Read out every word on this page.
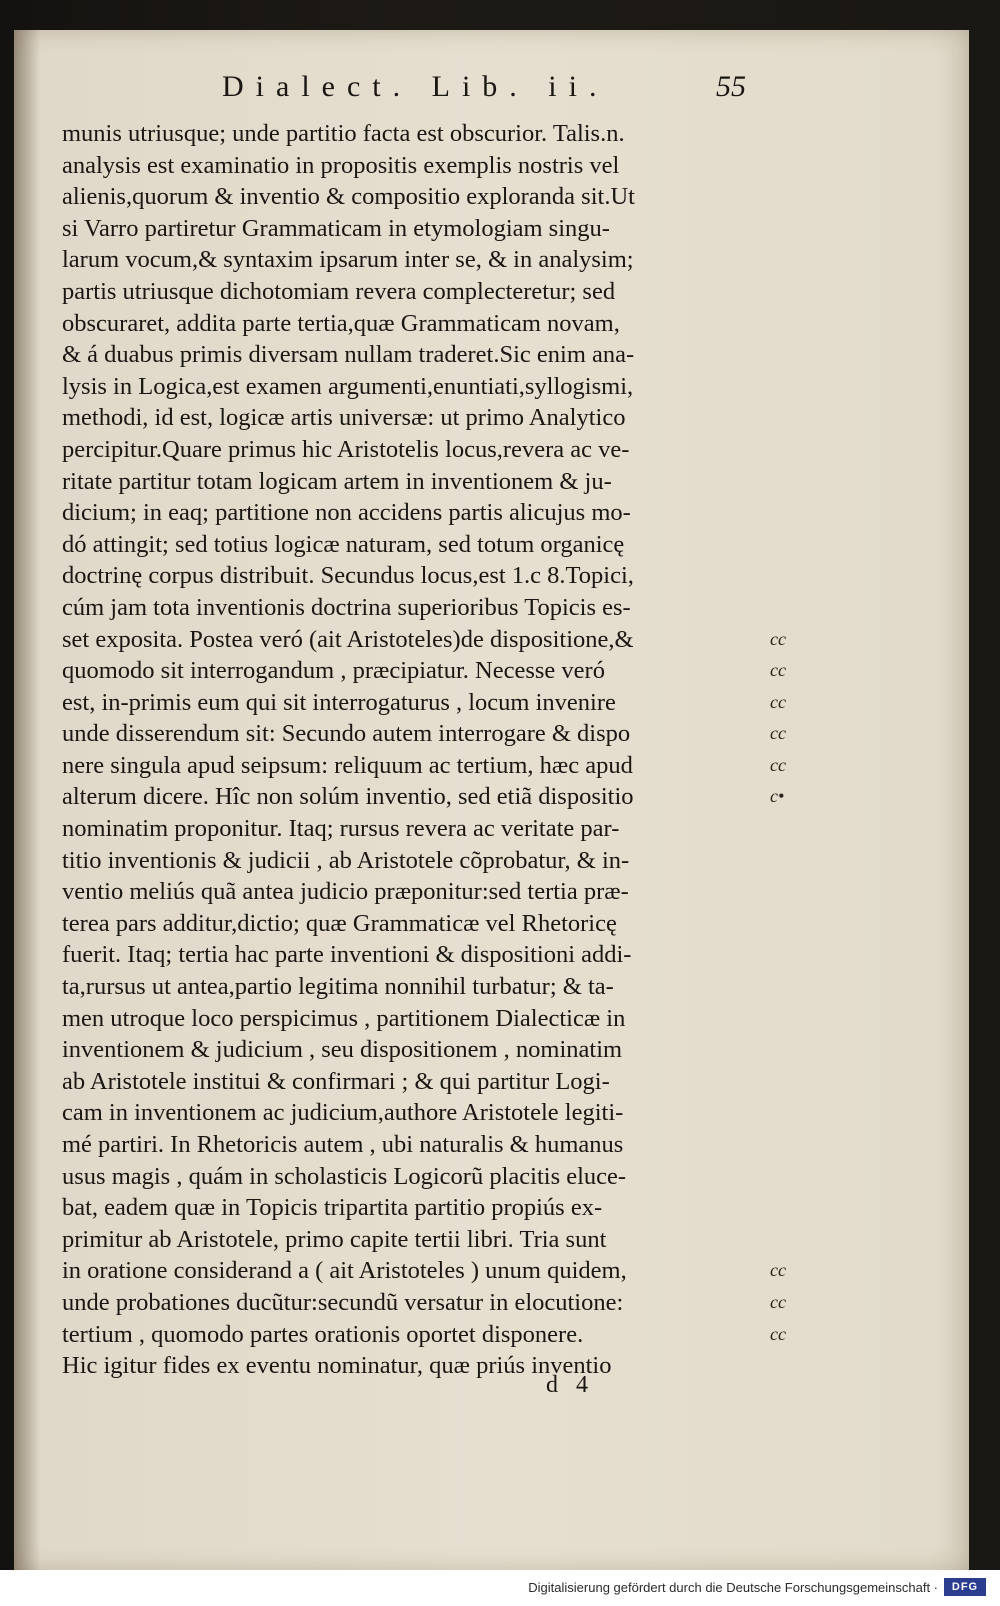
Dialect. Lib. ii.	55
munis utriusque; unde partitio facta est obscurior. Talis.n.
analysis est examinatio in propositis exemplis nostris vel
alienis,quorum & inventio & compositio exploranda sit.Ut
si Varro partiretur Grammaticam in etymologiam singu-
larum vocum,& syntaxim ipsarum inter se, & in analysim;
partis utriusque dichotomiam revera complecteretur; sed
obscuraret, addita parte tertia,quæ Grammaticam novam,
& á duabus primis diversam nullam traderet.Sic enim ana-
lysis in Logica,est examen argumenti,enuntiati,syllogismi,
methodi, id est, logicæ artis universæ: ut primo Analytico
percipitur.Quare primus hic Aristotelis locus,revera ac ve-
ritate partitur totam logicam artem in inventionem & ju-
dicium; in eaq; partitione non accidens partis alicujus mo-
dó attingit; sed totius logicæ naturam, sed totum organicę
doctrinę corpus distribuit. Secundus locus,est 1.c 8.Topici,
cúm jam tota inventionis doctrina superioribus Topicis es-
set exposita. Postea veró (ait Aristoteles)de dispositione,&
quomodo sit interrogandum , præcipiatur. Necesse veró
est, in-primis eum qui sit interrogaturus , locum invenire
unde disserendum sit: Secundo autem interrogare & dispo
nere singula apud seipsum: reliquum ac tertium, hæc apud
alterum dicere. Hîc non solúm inventio, sed etiã dispositio
nominatim proponitur. Itaq; rursus revera ac veritate par-
titio inventionis & judicii , ab Aristotele cõprobatur, & in-
ventio meliús quã antea judicio præponitur:sed tertia præ-
terea pars additur,dictio; quæ Grammaticæ vel Rhetoricę
fuerit. Itaq; tertia hac parte inventioni & dispositioni addi-
ta,rursus ut antea,partio legitima nonnihil turbatur; & ta-
men utroque loco perspicimus , partitionem Dialecticæ in
inventionem & judicium , seu dispositionem , nominatim
ab Aristotele institui & confirmari ; & qui partitur Logi-
cam in inventionem ac judicium,authore Aristotele legiti-
mé partiri. In Rhetoricis autem , ubi naturalis & humanus
usus magis , quám in scholasticis Logicorũ placitis eluce-
bat, eadem quæ in Topicis tripartita partitio propiús ex-
primitur ab Aristotele, primo capite tertii libri. Tria sunt
in oratione considerand a ( ait Aristoteles ) unum quidem,
unde probationes ducũtur:secundũ versatur in elocutione:
tertium , quomodo partes orationis oportet disponere.
Hic igitur fides ex eventu nominatur, quæ priús inventio
cc
cc
cc
cc
cc
c•
cc
cc
cc
d   4
Digitalisierung gefördert durch die Deutsche Forschungsgemeinschaft ·	DFG
